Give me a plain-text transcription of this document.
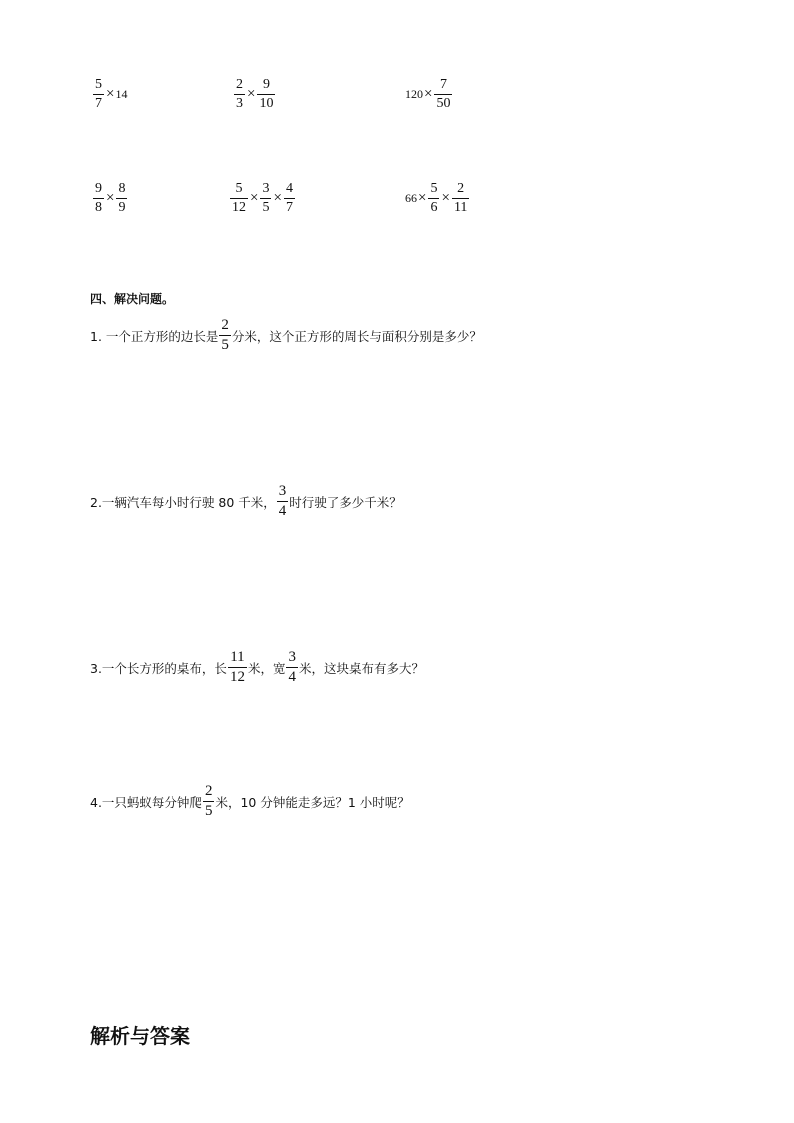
$\frac{5}{7} \times 14$	$\frac{2}{3} \times \frac{9}{10}$	$120 \times \frac{7}{50}$
$\frac{9}{8} \times \frac{8}{9}$	$\frac{5}{12} \times \frac{3}{5} \times \frac{4}{7}$	$66 \times \frac{5}{6} \times \frac{2}{11}$
四、解决问题。
1. 一个正方形的边长是 $\frac{2}{5}$ 分米，这个正方形的周长与面积分别是多少？
2.一辆汽车每小时行驶 80 千米， $\frac{3}{4}$ 时行驶了多少千米？
3.一个长方形的桌布，长 $\frac{11}{12}$ 米，宽 $\frac{3}{4}$ 米，这块桌布有多大？
4.一只蚂蚁每分钟爬 $\frac{2}{5}$ 米，10 分钟能走多远？1 小时呢？
解析与答案
